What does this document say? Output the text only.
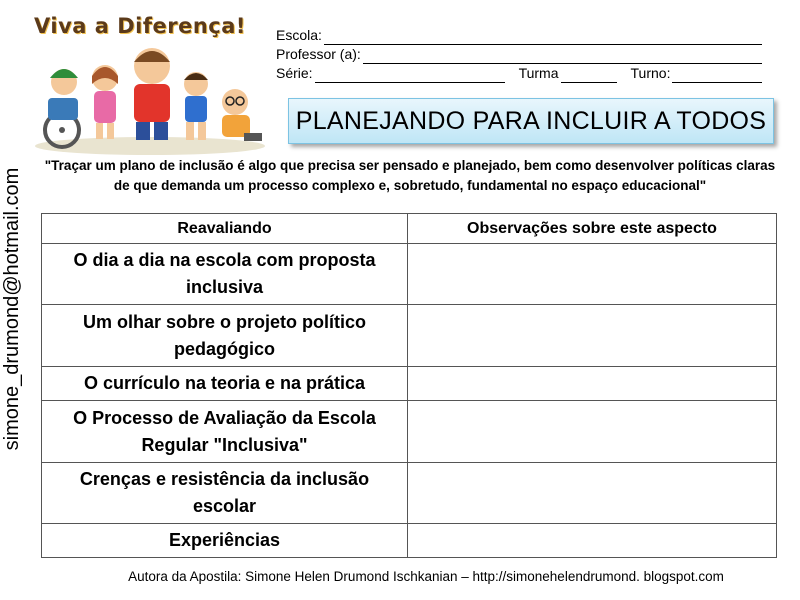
simone_drumond@hotmail.com
Viva a Diferença! Escola:
Professor (a):
Série:	Turma	Turno:
PLANEJANDO PARA INCLUIR A TODOS
"Traçar um plano de inclusão é algo que precisa ser pensado e planejado, bem como desenvolver políticas claras
de que demanda um processo complexo e, sobretudo, fundamental no espaço educacional"
Reavaliando	Observações sobre este aspecto

O dia a dia na escola com proposta
inclusiva	

Um olhar sobre o projeto político
pedagógico	

O currículo na teoria e na prática	

O Processo de Avaliação da Escola
Regular "Inclusiva"	

Crenças e resistência da inclusão
escolar	

Experiências	

Autora da Apostila: Simone Helen Drumond Ischkanian – http://simonehelendrumond. blogspot.com
